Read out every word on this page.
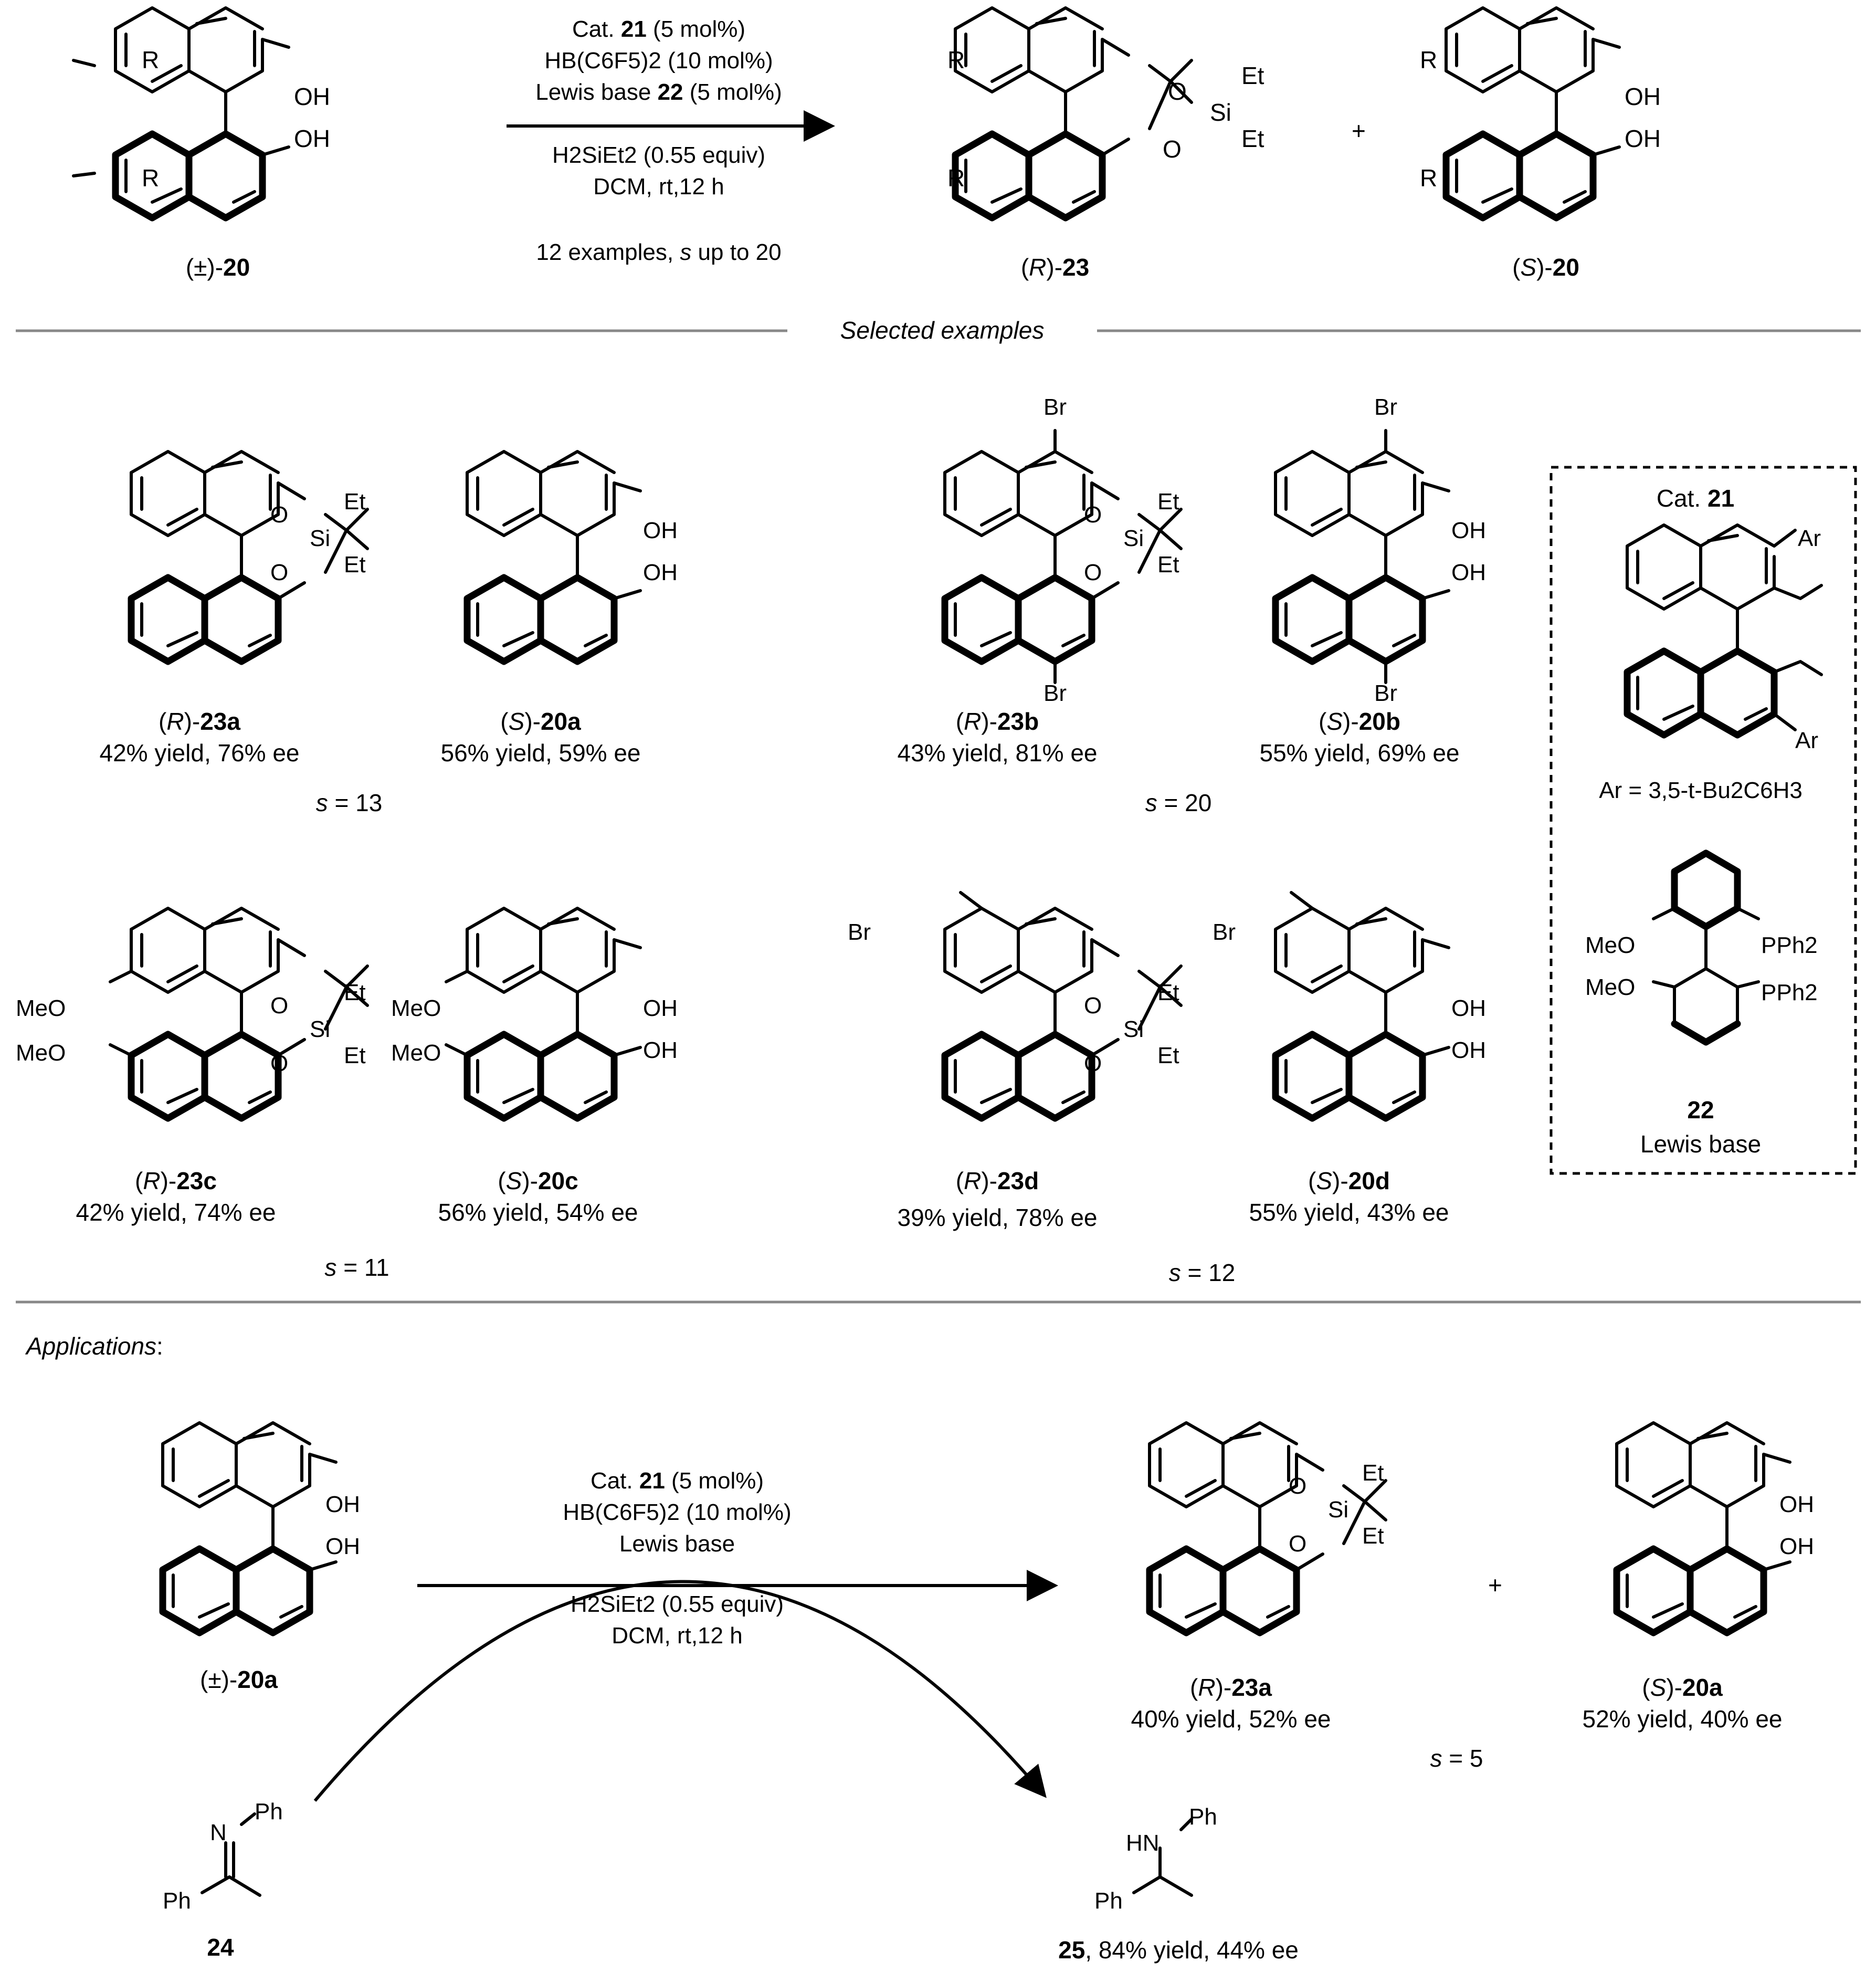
R
R
OH
OH
(±)-20
Cat. 21 (5 mol%)
HB(C6F5)2 (10 mol%)
Lewis base 22 (5 mol%)
H2SiEt2 (0.55 equiv)
DCM, rt,12 h
12 examples, s up to 20
R
R
O
O
Si
Et
Et
(R)-23
+
R
R
OH
OH
(S)-20
Selected examples
O
O
Si
Et
Et
OH
OH
(R)-23a
42% yield, 76% ee
(S)-20a
56% yield, 59% ee
s = 13
Br
Br
O
O
Si
Et
Et
Br
Br
OH
OH
(R)-23b
43% yield, 81% ee
(S)-20b
55% yield, 69% ee
s = 20
MeO
MeO
O
O
Si
Et
Et
MeO
MeO
OH
OH
(R)-23c
42% yield, 74% ee
(S)-20c
56% yield, 54% ee
s = 11
Br
O
O
Si
Et
Et
Br
OH
OH
(R)-23d
39% yield, 78% ee
(S)-20d
55% yield, 43% ee
s = 12
Cat. 21
Ar
Ar
Ar = 3,5-t-Bu2C6H3
MeO
MeO
PPh2
PPh2
22
Lewis base
Applications:
OH
OH
(±)-20a
Cat. 21 (5 mol%)
HB(C6F5)2 (10 mol%)
Lewis base
H2SiEt2 (0.55 equiv)
DCM, rt,12 h
O
O
Si
Et
Et
(R)-23a
40% yield, 52% ee
+
s = 5
OH
OH
(S)-20a
52% yield, 40% ee
N
Ph
Ph
24
HN
Ph
Ph
25, 84% yield, 44% ee
